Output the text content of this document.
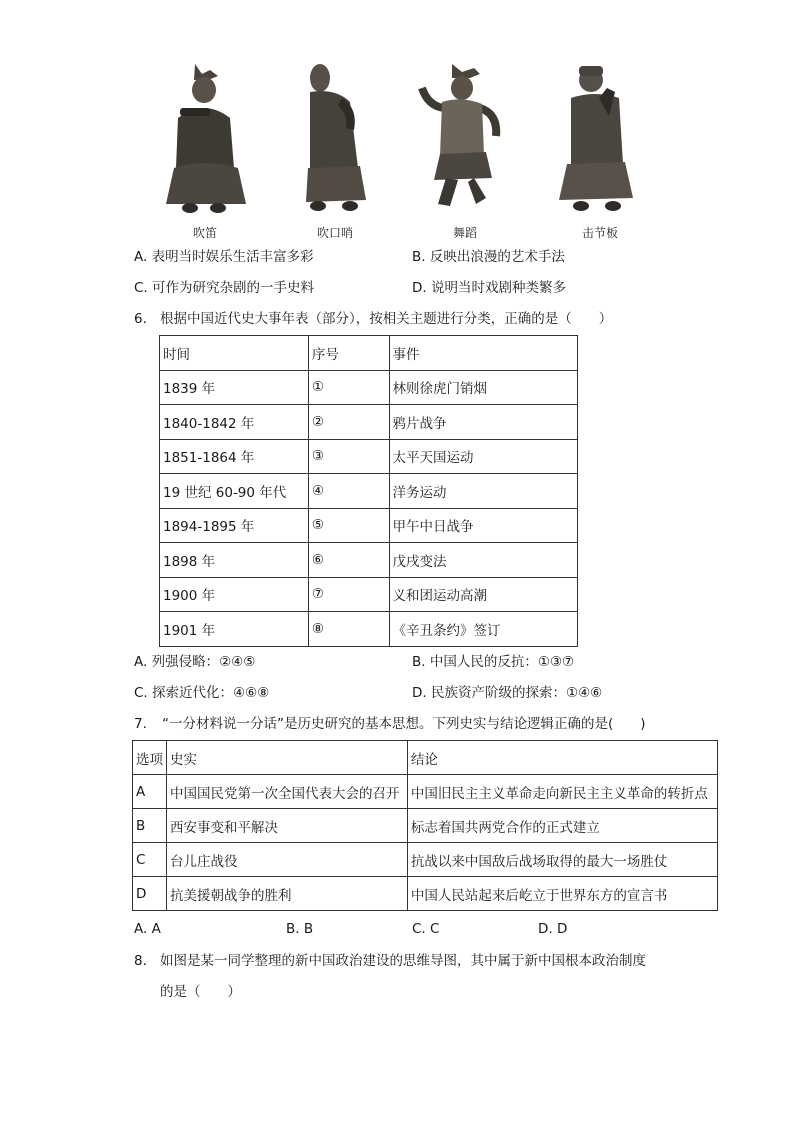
吹笛	吹口哨	舞蹈	击节板
A. 表明当时娱乐生活丰富多彩	B. 反映出浪漫的艺术手法
C. 可作为研究杂剧的一手史料	D. 说明当时戏剧种类繁多
6. 根据中国近代史大事年表（部分），按相关主题进行分类，正确的是（　　）
时间	序号	事件
1839 年	①	林则徐虎门销烟
1840-1842 年	②	鸦片战争
1851-1864 年	③	太平天国运动
19 世纪 60-90 年代	④	洋务运动
1894-1895 年	⑤	甲午中日战争
1898 年	⑥	戊戌变法
1900 年	⑦	义和团运动高潮
1901 年	⑧	《辛丑条约》签订
A. 列强侵略：②④⑤	B. 中国人民的反抗：①③⑦
C. 探索近代化：④⑥⑧	D. 民族资产阶级的探索：①④⑥
7. “一分材料说一分话”是历史研究的基本思想。下列史实与结论逻辑正确的是(　　)
选项	史实	结论
A	中国国民党第一次全国代表大会的召开	中国旧民主主义革命走向新民主主义革命的转折点
B	西安事变和平解决	标志着国共两党合作的正式建立
C	台儿庄战役	抗战以来中国敌后战场取得的最大一场胜仗
D	抗美援朝战争的胜利	中国人民站起来后屹立于世界东方的宣言书
A. A	B. B	C. C	D. D
8. 如图是某一同学整理的新中国政治建设的思维导图，其中属于新中国根本政治制度
的是（　　）
